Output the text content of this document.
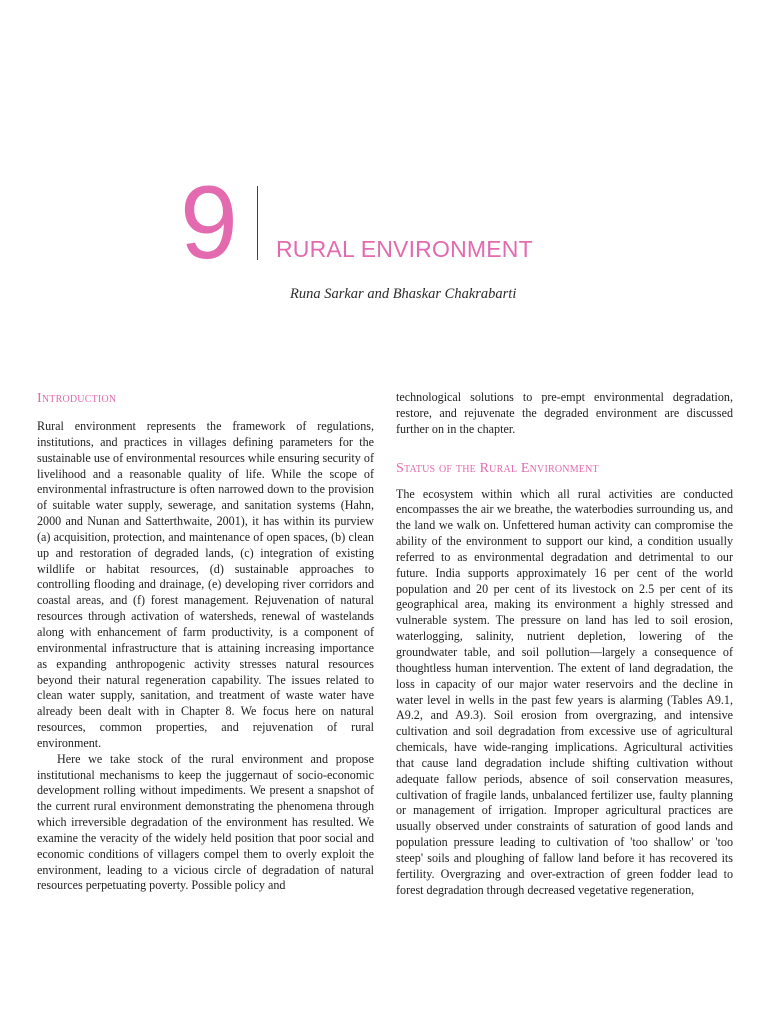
9 RURAL ENVIRONMENT
Runa Sarkar and Bhaskar Chakrabarti
Introduction

Rural environment represents the framework of regulations, institutions, and practices in villages defining parameters for the sustainable use of environmental resources while ensuring security of livelihood and a reasonable quality of life. While the scope of environmental infrastructure is often narrowed down to the provision of suitable water supply, sewerage, and sanitation systems (Hahn, 2000 and Nunan and Satterthwaite, 2001), it has within its purview (a) acquisition, protection, and maintenance of open spaces, (b) clean up and restoration of degraded lands, (c) integration of existing wildlife or habitat resources, (d) sustainable approaches to controlling flooding and drainage, (e) developing river corridors and coastal areas, and (f) forest management. Rejuvenation of natural resources through activation of watersheds, renewal of wastelands along with enhancement of farm productivity, is a component of environmental infrastructure that is attaining increasing importance as expanding anthropogenic activity stresses natural resources beyond their natural regeneration capability. The issues related to clean water supply, sanitation, and treatment of waste water have already been dealt with in Chapter 8. We focus here on natural resources, common properties, and rejuvenation of rural environment.

Here we take stock of the rural environment and propose institutional mechanisms to keep the juggernaut of socio-economic development rolling without impediments. We present a snapshot of the current rural environment demonstrating the phenomena through which irreversible degradation of the environment has resulted. We examine the veracity of the widely held position that poor social and economic conditions of villagers compel them to overly exploit the environment, leading to a vicious circle of degradation of natural resources perpetuating poverty. Possible policy and

technological solutions to pre-empt environmental degradation, restore, and rejuvenate the degraded environment are discussed further on in the chapter.

Status of the Rural Environment

The ecosystem within which all rural activities are conducted encompasses the air we breathe, the waterbodies surrounding us, and the land we walk on. Unfettered human activity can compromise the ability of the environment to support our kind, a condition usually referred to as environmental degradation and detrimental to our future. India supports approximately 16 per cent of the world population and 20 per cent of its livestock on 2.5 per cent of its geographical area, making its environment a highly stressed and vulnerable system. The pressure on land has led to soil erosion, waterlogging, salinity, nutrient depletion, lowering of the groundwater table, and soil pollution—largely a consequence of thoughtless human intervention. The extent of land degradation, the loss in capacity of our major water reservoirs and the decline in water level in wells in the past few years is alarming (Tables A9.1, A9.2, and A9.3). Soil erosion from overgrazing, and intensive cultivation and soil degradation from excessive use of agricultural chemicals, have wide-ranging implications. Agricultural activities that cause land degradation include shifting cultivation without adequate fallow periods, absence of soil conservation measures, cultivation of fragile lands, unbalanced fertilizer use, faulty planning or management of irrigation. Improper agricultural practices are usually observed under constraints of saturation of good lands and population pressure leading to cultivation of 'too shallow' or 'too steep' soils and ploughing of fallow land before it has recovered its fertility. Overgrazing and over-extraction of green fodder lead to forest degradation through decreased vegetative regeneration,
